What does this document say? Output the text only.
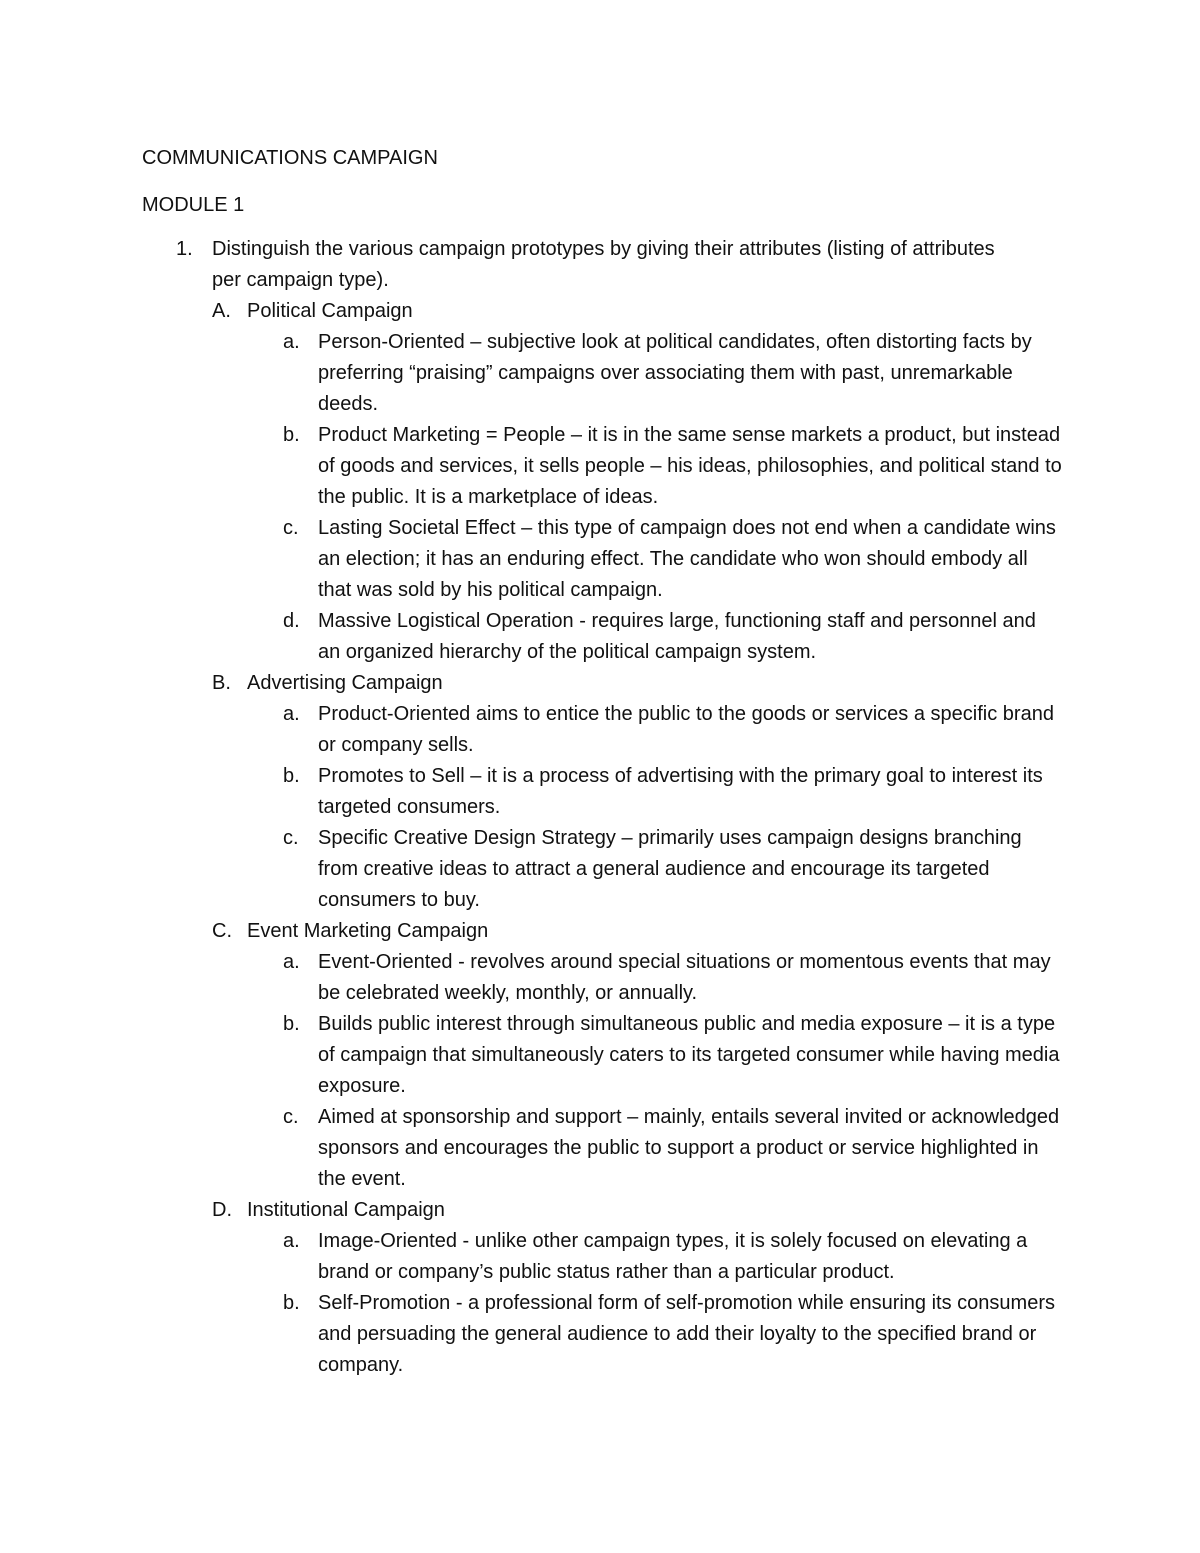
COMMUNICATIONS CAMPAIGN
MODULE 1
1. Distinguish the various campaign prototypes by giving their attributes (listing of attributes per campaign type).
A. Political Campaign
a. Person-Oriented – subjective look at political candidates, often distorting facts by preferring “praising” campaigns over associating them with past, unremarkable deeds.
b. Product Marketing = People – it is in the same sense markets a product, but instead of goods and services, it sells people – his ideas, philosophies, and political stand to the public. It is a marketplace of ideas.
c. Lasting Societal Effect – this type of campaign does not end when a candidate wins an election; it has an enduring effect. The candidate who won should embody all that was sold by his political campaign.
d. Massive Logistical Operation - requires large, functioning staff and personnel and an organized hierarchy of the political campaign system.
B. Advertising Campaign
a. Product-Oriented aims to entice the public to the goods or services a specific brand or company sells.
b. Promotes to Sell – it is a process of advertising with the primary goal to interest its targeted consumers.
c. Specific Creative Design Strategy – primarily uses campaign designs branching from creative ideas to attract a general audience and encourage its targeted consumers to buy.
C. Event Marketing Campaign
a. Event-Oriented - revolves around special situations or momentous events that may be celebrated weekly, monthly, or annually.
b. Builds public interest through simultaneous public and media exposure – it is a type of campaign that simultaneously caters to its targeted consumer while having media exposure.
c. Aimed at sponsorship and support – mainly, entails several invited or acknowledged sponsors and encourages the public to support a product or service highlighted in the event.
D. Institutional Campaign
a. Image-Oriented - unlike other campaign types, it is solely focused on elevating a brand or company’s public status rather than a particular product.
b. Self-Promotion - a professional form of self-promotion while ensuring its consumers and persuading the general audience to add their loyalty to the specified brand or company.
